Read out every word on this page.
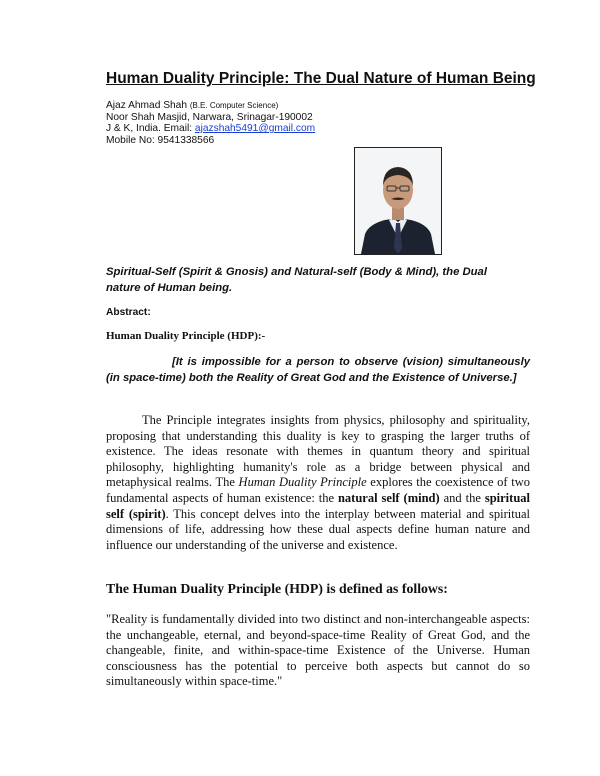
Human Duality Principle: The Dual Nature of Human Being
Ajaz Ahmad Shah (B.E. Computer Science)
Noor Shah Masjid, Narwara, Srinagar-190002
J & K, India. Email: ajazshah5491@gmail.com
Mobile No: 9541338566
Spiritual-Self (Spirit & Gnosis) and Natural-self (Body & Mind), the Dual nature of Human being.
Abstract:
Human Duality Principle (HDP):-
[It is impossible for a person to observe (vision) simultaneously (in space-time) both the Reality of Great God and the Existence of Universe.]
The Principle integrates insights from physics, philosophy and spirituality, proposing that understanding this duality is key to grasping the larger truths of existence. The ideas resonate with themes in quantum theory and spiritual philosophy, highlighting humanity's role as a bridge between physical and metaphysical realms. The Human Duality Principle explores the coexistence of two fundamental aspects of human existence: the natural self (mind) and the spiritual self (spirit). This concept delves into the interplay between material and spiritual dimensions of life, addressing how these dual aspects define human nature and influence our understanding of the universe and existence.
The Human Duality Principle (HDP) is defined as follows:
"Reality is fundamentally divided into two distinct and non-interchangeable aspects: the unchangeable, eternal, and beyond-space-time Reality of Great God, and the changeable, finite, and within-space-time Existence of the Universe. Human consciousness has the potential to perceive both aspects but cannot do so simultaneously within space-time."
